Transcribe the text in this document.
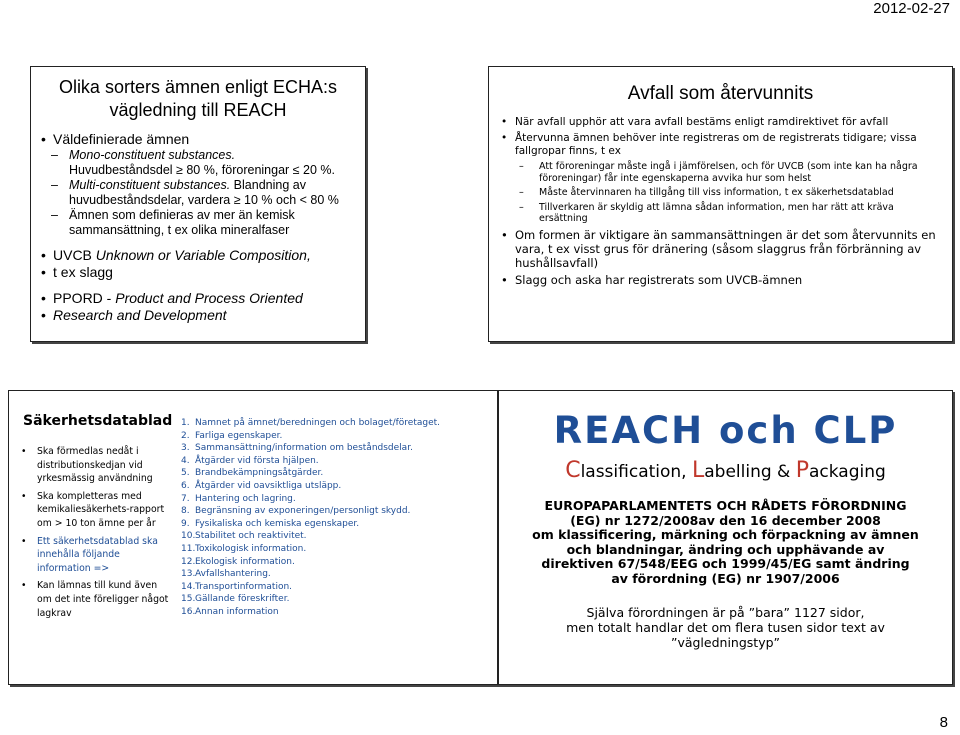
2012-02-27
Olika sorters ämnen enligt ECHA:s
vägledning till REACH
• Väldefinierade ämnen
– Mono-constituent substances.
Huvudbeståndsdel ≥ 80 %, föroreningar ≤ 20 %.
– Multi-constituent substances. Blandning av
huvudbeståndsdelar, vardera ≥ 10 % och < 80 %
– Ämnen som definieras av mer än kemisk
sammansättning, t ex olika mineralfaser
• UVCB Unknown or Variable Composition,
• t ex slagg
• PPORD - Product and Process Oriented
• Research and Development
Avfall som återvunnits
• När avfall upphör att vara avfall bestäms enligt ramdirektivet för avfall
• Återvunna ämnen behöver inte registreras om de registrerats tidigare; vissa fallgropar finns, t ex
– Att föroreningar måste ingå i jämförelsen, och för UVCB (som inte kan ha några föroreningar) får inte egenskaperna avvika hur som helst
– Måste återvinnaren ha tillgång till viss information, t ex säkerhetsdatablad
– Tillverkaren är skyldig att lämna sådan information, men har rätt att kräva ersättning
• Om formen är viktigare än sammansättningen är det som återvunnits en vara, t ex visst grus för dränering (såsom slaggrus från förbränning av hushållsavfall)
• Slagg och aska har registrerats som UVCB-ämnen
Säkerhetsdatablad
• Ska förmedlas nedåt i distributionskedjan vid yrkesmässig användning
• Ska kompletteras med kemikaliesäkerhets-rapport om > 10 ton ämne per år
• Ett säkerhetsdatablad ska innehålla följande information =>
• Kan lämnas till kund även om det inte föreligger något lagkrav
1. Namnet på ämnet/beredningen och bolaget/företaget.
2. Farliga egenskaper.
3. Sammansättning/information om beståndsdelar.
4. Åtgärder vid första hjälpen.
5. Brandbekämpningsåtgärder.
6. Åtgärder vid oavsiktliga utsläpp.
7. Hantering och lagring.
8. Begränsning av exponeringen/personligt skydd.
9. Fysikaliska och kemiska egenskaper.
10. Stabilitet och reaktivitet.
11. Toxikologisk information.
12. Ekologisk information.
13. Avfallshantering.
14. Transportinformation.
15. Gällande föreskrifter.
16. Annan information
REACH och CLP
Classification, Labelling & Packaging
EUROPAPARLAMENTETS OCH RÅDETS FÖRORDNING
(EG) nr 1272/2008av den 16 december 2008
om klassificering, märkning och förpackning av ämnen
och blandningar, ändring och upphävande av
direktiven 67/548/EEG och 1999/45/EG samt ändring
av förordning (EG) nr 1907/2006
Själva förordningen är på ”bara” 1127 sidor,
men totalt handlar det om flera tusen sidor text av
”vägledningstyp”
8
